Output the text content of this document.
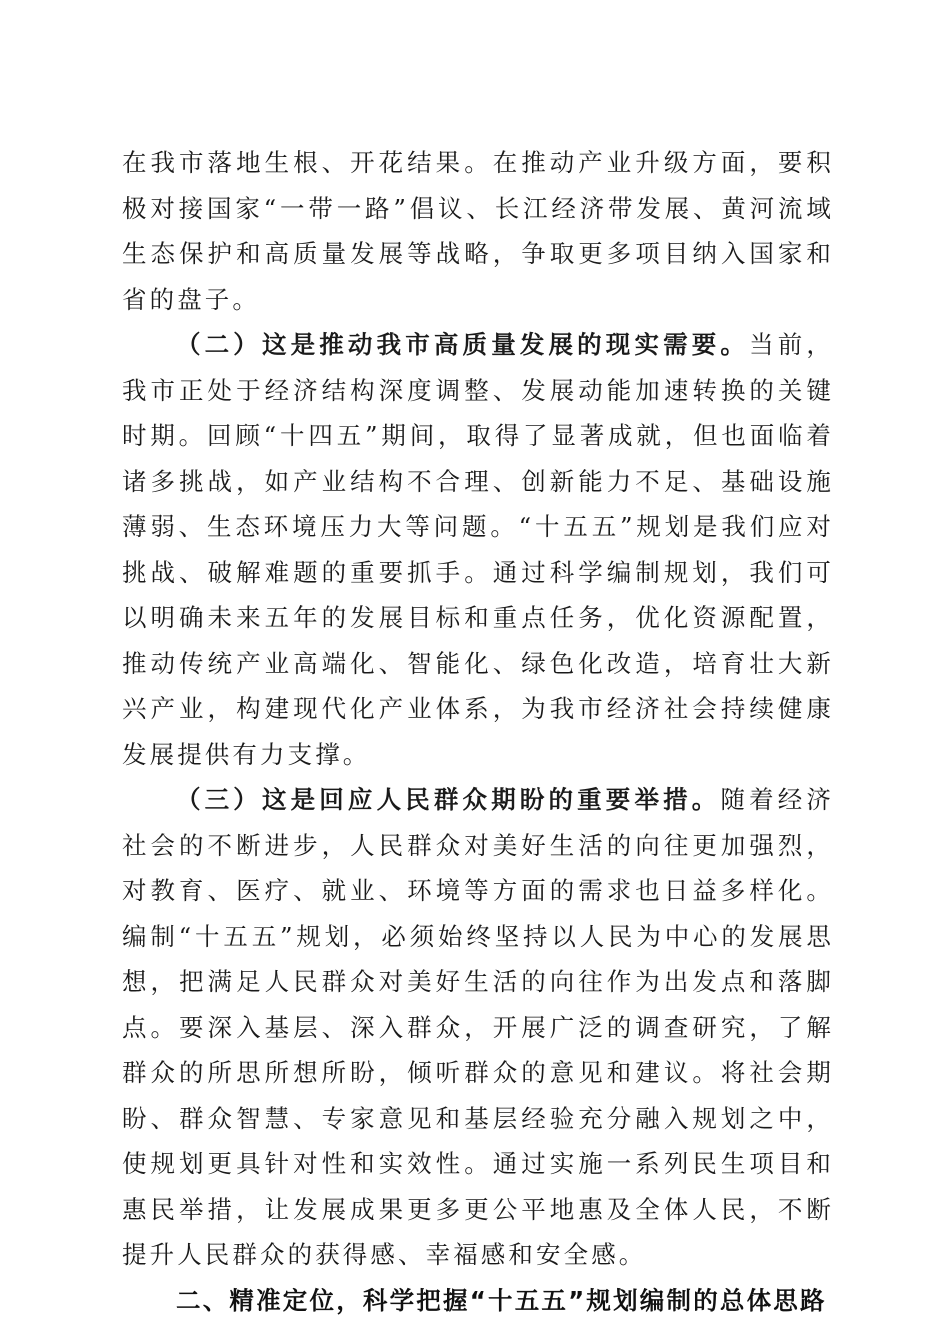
在我市落地生根、开花结果。在推动产业升级方面，要积极对接国家“一带一路”倡议、长江经济带发展、黄河流域生态保护和高质量发展等战略，争取更多项目纳入国家和省的盘子。

（二）这是推动我市高质量发展的现实需要。当前，我市正处于经济结构深度调整、发展动能加速转换的关键时期。回顾“十四五”期间，取得了显著成就，但也面临着诸多挑战，如产业结构不合理、创新能力不足、基础设施薄弱、生态环境压力大等问题。“十五五”规划是我们应对挑战、破解难题的重要抓手。通过科学编制规划，我们可以明确未来五年的发展目标和重点任务，优化资源配置，推动传统产业高端化、智能化、绿色化改造，培育壮大新兴产业，构建现代化产业体系，为我市经济社会持续健康发展提供有力支撑。

（三）这是回应人民群众期盼的重要举措。随着经济社会的不断进步，人民群众对美好生活的向往更加强烈，对教育、医疗、就业、环境等方面的需求也日益多样化。编制“十五五”规划，必须始终坚持以人民为中心的发展思想，把满足人民群众对美好生活的向往作为出发点和落脚点。要深入基层、深入群众，开展广泛的调查研究，了解群众的所思所想所盼，倾听群众的意见和建议。将社会期盼、群众智慧、专家意见和基层经验充分融入规划之中，使规划更具针对性和实效性。通过实施一系列民生项目和惠民举措，让发展成果更多更公平地惠及全体人民，不断提升人民群众的获得感、幸福感和安全感。

二、精准定位，科学把握“十五五”规划编制的总体思路
